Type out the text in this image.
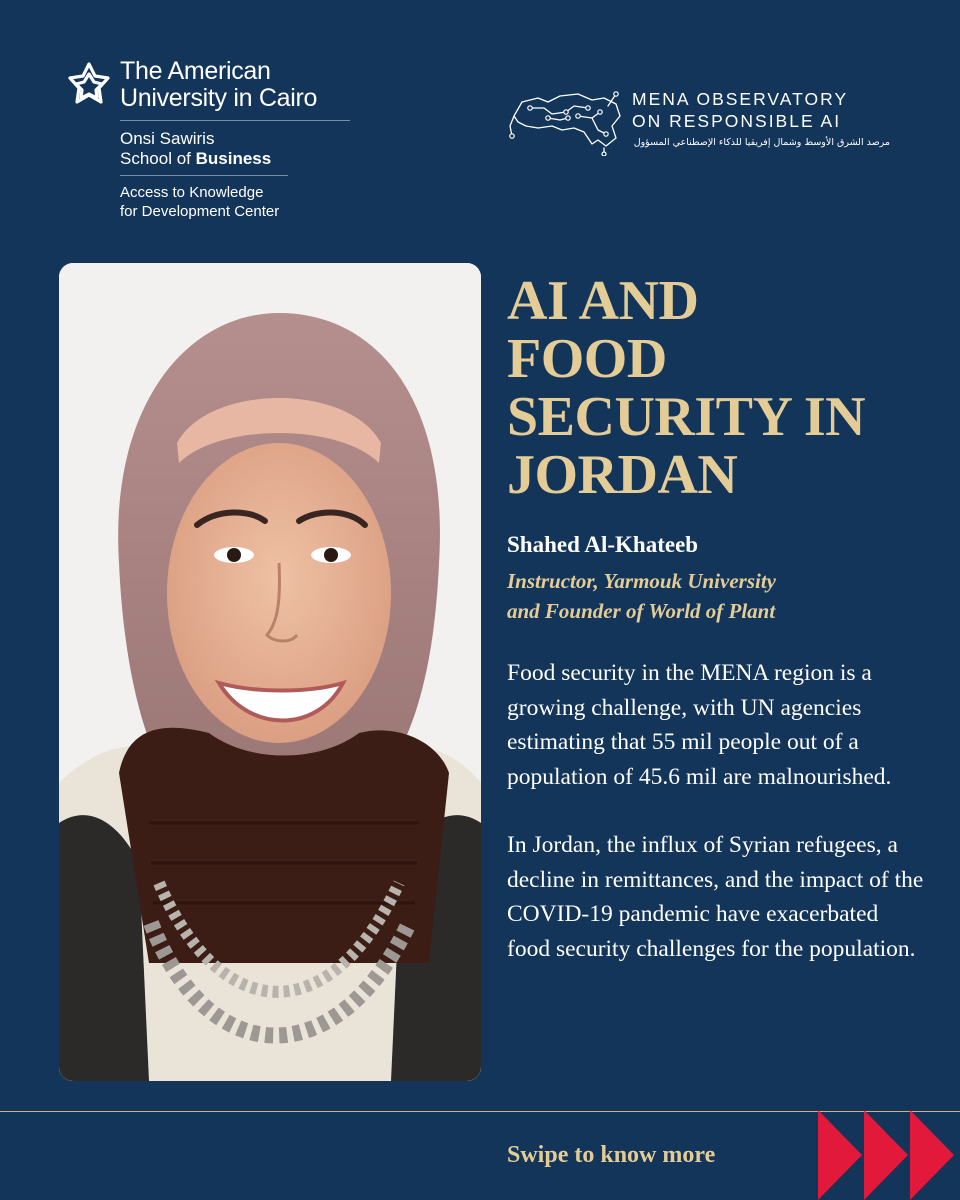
The American University in Cairo
Onsi Sawiris
School of Business
Access to Knowledge
for Development Center
MENA OBSERVATORY
ON RESPONSIBLE AI
مرصد الشرق الأوسط وشمال إفريقيا للذكاء الإصطناعي المسؤول
AI AND
FOOD
SECURITY IN
JORDAN
Shahed Al-Khateeb
Instructor, Yarmouk University
and Founder of World of Plant

Food security in the MENA region is a growing challenge, with UN agencies estimating that 55 mil people out of a population of 45.6 mil are malnourished.

In Jordan, the influx of Syrian refugees, a decline in remittances, and the impact of the COVID-19 pandemic have exacerbated food security challenges for the population.

Swipe to know more
